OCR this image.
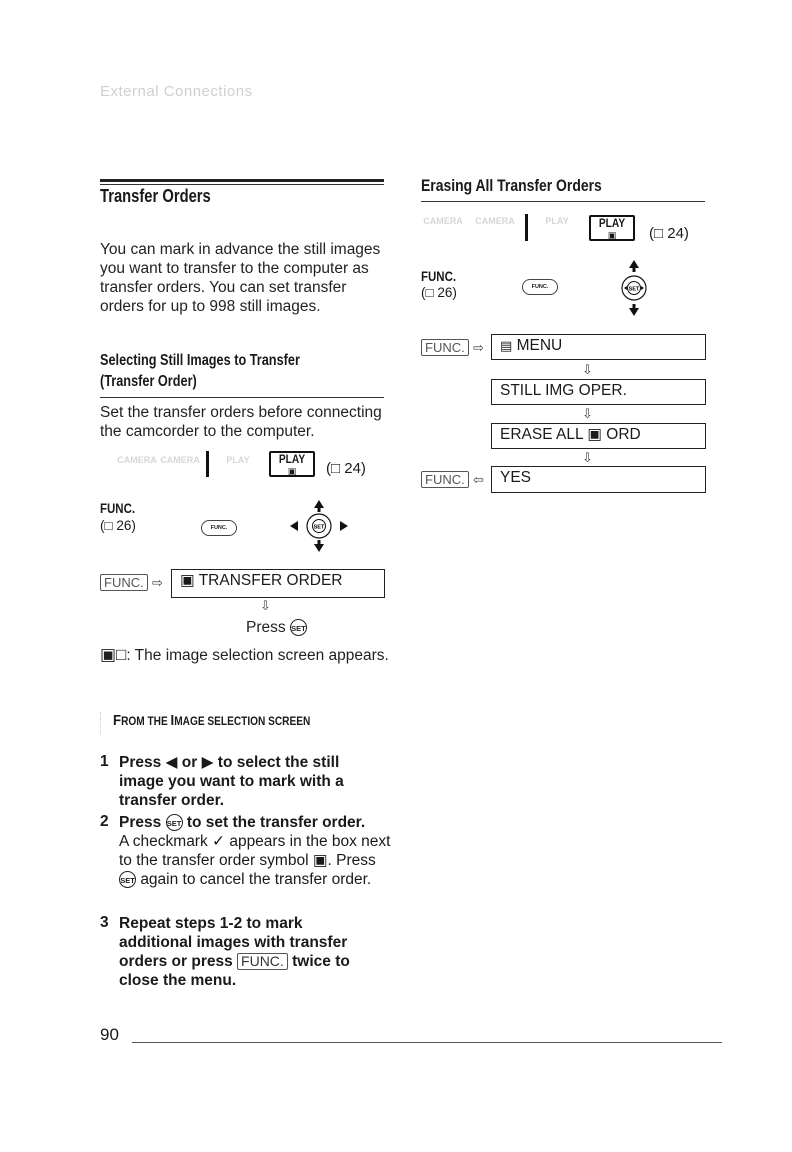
External Connections
Transfer Orders
You can mark in advance the still images you want to transfer to the computer as transfer orders. You can set transfer orders for up to 998 still images.
Selecting Still Images to Transfer
(Transfer Order)
Set the transfer orders before connecting the camcorder to the computer.
CAMERA CAMERA	PLAY	PLAY
▣	(□ 24)
FUNC.
(□ 26)	FUNC.	SET
FUNC. ⇨	▣ TRANSFER ORDER
⇩
Press SET
▣□: The image selection screen appears.
FROM THE IMAGE SELECTION SCREEN
1 Press ◀ or ▶ to select the still image you want to mark with a transfer order.
2 Press SET to set the transfer order.
A checkmark ✓ appears in the box next to the transfer order symbol ▣. Press SET again to cancel the transfer order.
3 Repeat steps 1-2 to mark additional images with transfer orders or press FUNC. twice to close the menu.
Erasing All Transfer Orders
CAMERA CAMERA	PLAY	PLAY
▣	(□ 24)
FUNC.
(□ 26)	FUNC.	SET
FUNC. ⇨	▤ MENU
⇩
STILL IMG OPER.
⇩
ERASE ALL ▣ ORD
⇩
FUNC. ⇦	YES
90
